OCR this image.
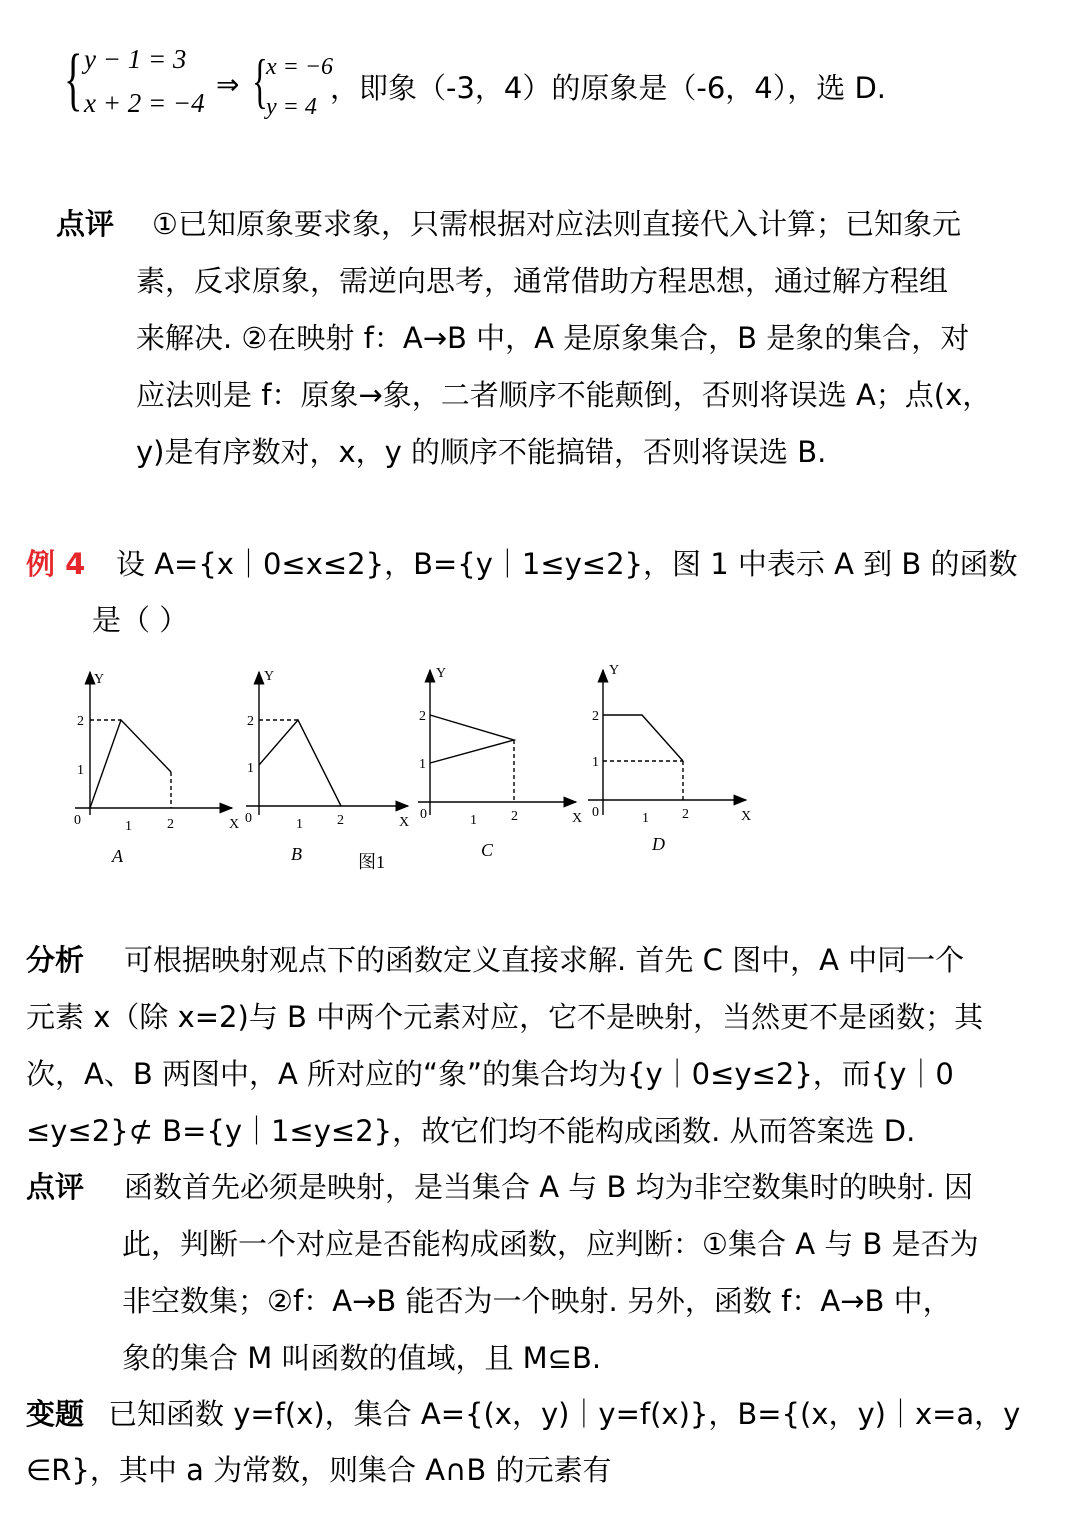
{ y − 1 = 3
x + 2 = −4
⇒ {
x = −6
y = 4
，即象（-3，4）的原象是（-6，4），选 D.
点评 ①已知原象要求象，只需根据对应法则直接代入计算；已知象元
素，反求原象，需逆向思考，通常借助方程思想，通过解方程组
来解决. ②在映射 f：A→B 中，A 是原象集合，B 是象的集合，对
应法则是 f：原象→象，二者顺序不能颠倒，否则将误选 A；点(x，
y)是有序数对，x，y 的顺序不能搞错，否则将误选 B.
例 4 设 A={x｜0≤x≤2}，B={y｜1≤y≤2}，图 1 中表示 A 到 B 的函数
是（ ）
Y
X
0
1
2
1	2
A
Y
X
0
1
2
1 2
B
Y
X
0
1
2
1 2
C
Y
X
0
1
2
1 2
D
图1
分析 可根据映射观点下的函数定义直接求解. 首先 C 图中，A 中同一个
元素 x（除 x=2)与 B 中两个元素对应，它不是映射，当然更不是函数；其
次，A、B 两图中，A 所对应的“象”的集合均为{y｜0≤y≤2}，而{y｜0
≤y≤2}⊄ B={y｜1≤y≤2}，故它们均不能构成函数. 从而答案选 D.
点评 函数首先必须是映射，是当集合 A 与 B 均为非空数集时的映射. 因
此，判断一个对应是否能构成函数，应判断：①集合 A 与 B 是否为
非空数集；②f：A→B 能否为一个映射. 另外，函数 f：A→B 中，
象的集合 M 叫函数的值域，且 M⊆B.
变题 已知函数 y=f(x)，集合 A={(x，y)｜y=f(x)}，B={(x，y)｜x=a，y
∈R}，其中 a 为常数，则集合 A∩B 的元素有
